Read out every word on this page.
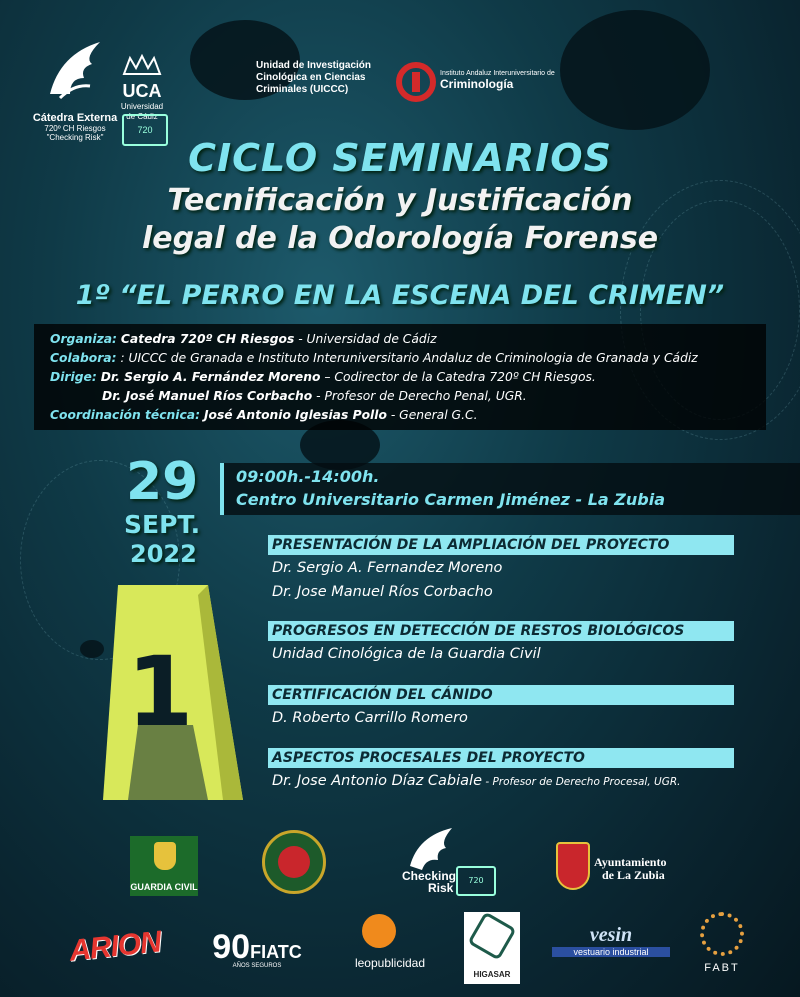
UCA
Universidad
de Cádiz
Cátedra Externa
720º CH Riesgos
"Checking Risk"
720
Unidad de Investigación Cinológica en Ciencias Criminales (UICCC)
Instituto Andaluz Interuniversitario de
Criminología
CICLO SEMINARIOS
Tecnificación y Justificación
legal de la Odorología Forense
1º “EL PERRO EN LA ESCENA DEL CRIMEN”
Organiza: Catedra 720º CH Riesgos - Universidad de Cádiz
Colabora: : UICCC de Granada e Instituto Interuniversitario Andaluz de Criminologia de Granada y Cádiz
Dirige: Dr. Sergio A. Fernández Moreno – Codirector de la Catedra 720º CH Riesgos.
Dr. José Manuel Ríos Corbacho - Profesor de Derecho Penal, UGR.
Coordinación técnica: José Antonio Iglesias Pollo - General G.C.
29
SEPT.
2022
09:00h.-14:00h.
Centro Universitario Carmen Jiménez - La Zubia
1
PRESENTACIÓN DE LA AMPLIACIÓN DEL PROYECTO
Dr. Sergio A. Fernandez Moreno
Dr. Jose Manuel Ríos Corbacho
PROGRESOS EN DETECCIÓN DE RESTOS BIOLÓGICOS
Unidad Cinológica de la Guardia Civil
CERTIFICACIÓN DEL CÁNIDO
D. Roberto Carrillo Romero
ASPECTOS PROCESALES DEL PROYECTO
Dr. Jose Antonio Díaz Cabiale - Profesor de Derecho Procesal, UGR.
GUARDIA CIVIL
Checking
Risk
720
Ayuntamiento
de La Zubia
ARION	90FIATC
AÑOS SEGUROS	leopublicidad
HIGASAR
vesin
vestuario industrial
FABT
